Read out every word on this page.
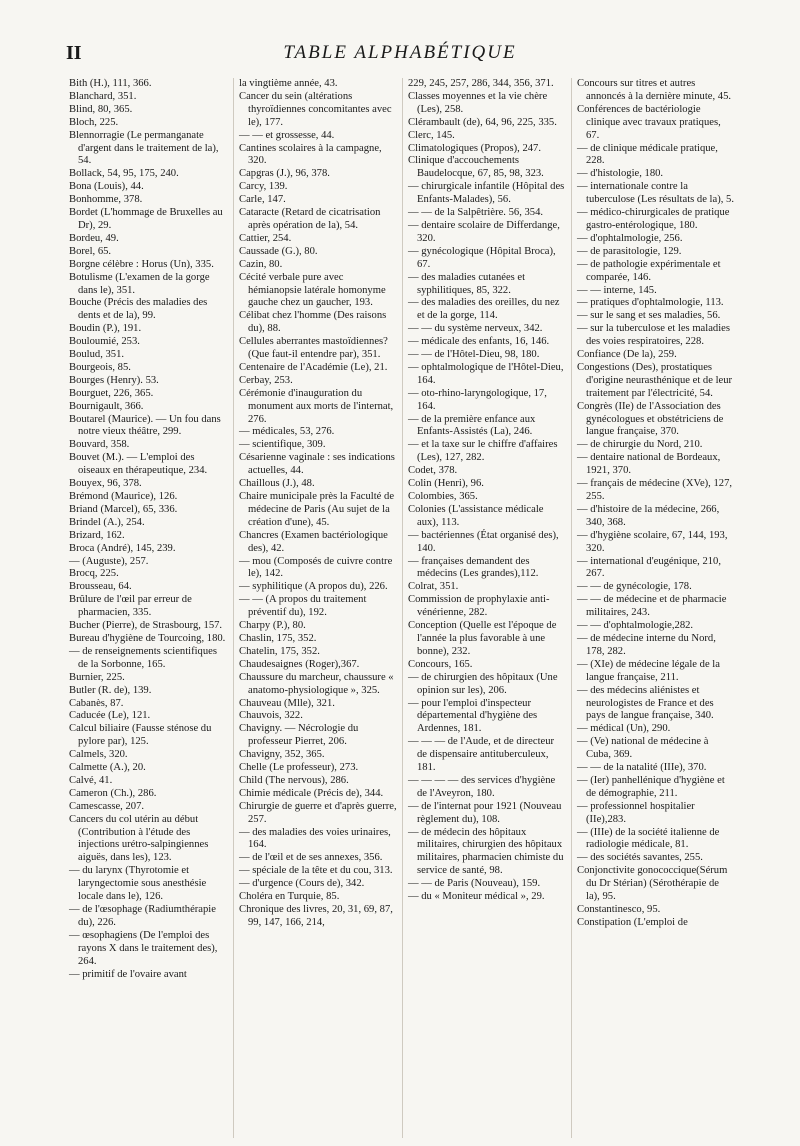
II	TABLE ALPHABÉTIQUE

Bith (H.), 111, 366.

Blanchard, 351.

Blind, 80, 365.

Bloch, 225.

Blennorragie (Le permanganate d'argent dans le traitement de la), 54.

Bollack, 54, 95, 175, 240.

Bona (Louis), 44.

Bonhomme, 378.

Bordet (L'hommage de Bruxelles au Dr), 29.

Bordeu, 49.

Borel, 65.

Borgne célèbre : Horus (Un), 335.

Botulisme (L'examen de la gorge dans le), 351.

Bouche (Précis des maladies des dents et de la), 99.

Boudin (P.), 191.

Bouloumié, 253.

Boulud, 351.

Bourgeois, 85.

Bourges (Henry). 53.

Bourguet, 226, 365.

Bournigault, 366.

Boutarel (Maurice). — Un fou dans notre vieux théâtre, 299.

Bouvard, 358.

Bouvet (M.). — L'emploi des oiseaux en thérapeutique, 234.

Bouyex, 96, 378.

Brémond (Maurice), 126.

Briand (Marcel), 65, 336.

Brindel (A.), 254.

Brizard, 162.

Broca (André), 145, 239.

— (Auguste), 257.

Brocq, 225.

Brousseau, 64.

Brûlure de l'œil par erreur de pharmacien, 335.

Bucher (Pierre), de Strasbourg, 157.

Bureau d'hygiène de Tourcoing, 180.

— de renseignements scientifiques de la Sorbonne, 165.

Burnier, 225.

Butler (R. de), 139.

Cabanès, 87.

Caducée (Le), 121.

Calcul biliaire (Fausse sténose du pylore par), 125.

Calmels, 320.

Calmette (A.), 20.

Calvé, 41.

Cameron (Ch.), 286.

Camescasse, 207.

Cancers du col utérin au début (Contribution à l'étude des injections urétro-salpingiennes aiguës, dans les), 123.

— du larynx (Thyrotomie et laryngectomie sous anesthésie locale dans le), 126.

— de l'œsophage (Radiumthérapie du), 226.

— œsophagiens (De l'emploi des rayons X dans le traitement des), 264.

— primitif de l'ovaire avant

la vingtième année, 43.

Cancer du sein (altérations thyroïdiennes concomitantes avec le), 177.

— — et grossesse, 44.

Cantines scolaires à la campagne, 320.

Capgras (J.), 96, 378.

Carcy, 139.

Carle, 147.

Cataracte (Retard de cicatrisation après opération de la), 54.

Cattier, 254.

Caussade (G.), 80.

Cazin, 80.

Cécité verbale pure avec hémianopsie latérale homonyme gauche chez un gaucher, 193.

Célibat chez l'homme (Des raisons du), 88.

Cellules aberrantes mastoïdiennes? (Que faut-il entendre par), 351.

Centenaire de l'Académie (Le), 21.

Cerbay, 253.

Cérémonie d'inauguration du monument aux morts de l'internat, 276.

— médicales, 53, 276.

— scientifique, 309.

Césarienne vaginale : ses indications actuelles, 44.

Chaillous (J.), 48.

Chaire municipale près la Faculté de médecine de Paris (Au sujet de la création d'une), 45.

Chancres (Examen bactériologique des), 42.

— mou (Composés de cuivre contre le), 142.

— syphilitique (A propos du), 226.

— — (A propos du traitement préventif du), 192.

Charpy (P.), 80.

Chaslin, 175, 352.

Chatelin, 175, 352.

Chaudesaignes (Roger),367.

Chaussure du marcheur, chaussure « anatomo-physiologique », 325.

Chauveau (Mlle), 321.

Chauvois, 322.

Chavigny. — Nécrologie du professeur Pierret, 206.

Chavigny, 352, 365.

Chelle (Le professeur), 273.

Child (The nervous), 286.

Chimie médicale (Précis de), 344.

Chirurgie de guerre et d'après guerre, 257.

— des maladies des voies urinaires, 164.

— de l'œil et de ses annexes, 356.

— spéciale de la tête et du cou, 313.

— d'urgence (Cours de), 342.

Choléra en Turquie, 85.

Chronique des livres, 20, 31, 69, 87, 99, 147, 166, 214,

229, 245, 257, 286, 344, 356, 371.

Classes moyennes et la vie chère (Les), 258.

Clérambault (de), 64, 96, 225, 335.

Clerc, 145.

Climatologiques (Propos), 247.

Clinique d'accouchements Baudelocque, 67, 85, 98, 323.

— chirurgicale infantile (Hôpital des Enfants-Malades), 56.

— — de la Salpêtrière. 56, 354.

— dentaire scolaire de Differdange, 320.

— gynécologique (Hôpital Broca), 67.

— des maladies cutanées et syphilitiques, 85, 322.

— des maladies des oreilles, du nez et de la gorge, 114.

— — du système nerveux, 342.

— médicale des enfants, 16, 146.

— — de l'Hôtel-Dieu, 98, 180.

— ophtalmologique de l'Hôtel-Dieu, 164.

— oto-rhino-laryngologique, 17, 164.

— de la première enfance aux Enfants-Assistés (La), 246.

— et la taxe sur le chiffre d'affaires (Les), 127, 282.

Codet, 378.

Colin (Henri), 96.

Colombies, 365.

Colonies (L'assistance médicale aux), 113.

— bactériennes (État organisé des), 140.

— françaises demandent des médecins (Les grandes),112.

Colrat, 351.

Commission de prophylaxie anti-vénérienne, 282.

Conception (Quelle est l'époque de l'année la plus favorable à une bonne), 232.

Concours, 165.

— de chirurgien des hôpitaux (Une opinion sur les), 206.

— pour l'emploi d'inspecteur départemental d'hygiène des Ardennes, 181.

— — — de l'Aude, et de directeur de dispensaire antituberculeux, 181.

— — — — des services d'hygiène de l'Aveyron, 180.

— de l'internat pour 1921 (Nouveau règlement du), 108.

— de médecin des hôpitaux militaires, chirurgien des hôpitaux militaires, pharmacien chimiste du service de santé, 98.

— — de Paris (Nouveau), 159.

— du « Moniteur médical », 29.

Concours sur titres et autres annoncés à la dernière minute, 45.

Conférences de bactériologie clinique avec travaux pratiques, 67.

— de clinique médicale pratique, 228.

— d'histologie, 180.

— internationale contre la tuberculose (Les résultats de la), 5.

— médico-chirurgicales de pratique gastro-entérologique, 180.

— d'ophtalmologie, 256.

— de parasitologie, 129.

— de pathologie expérimentale et comparée, 146.

— — interne, 145.

— pratiques d'ophtalmologie, 113.

— sur le sang et ses maladies, 56.

— sur la tuberculose et les maladies des voies respiratoires, 228.

Confiance (De la), 259.

Congestions (Des), prostatiques d'origine neurasthénique et de leur traitement par l'électricité, 54.

Congrès (IIe) de l'Association des gynécologues et obstétriciens de langue française, 370.

— de chirurgie du Nord, 210.

— dentaire national de Bordeaux, 1921, 370.

— français de médecine (XVe), 127, 255.

— d'histoire de la médecine, 266, 340, 368.

— d'hygiène scolaire, 67, 144, 193, 320.

— international d'eugénique, 210, 267.

— — de gynécologie, 178.

— — de médecine et de pharmacie militaires, 243.

— — d'ophtalmologie,282.

— de médecine interne du Nord, 178, 282.

— (XIe) de médecine légale de la langue française, 211.

— des médecins aliénistes et neurologistes de France et des pays de langue française, 340.

— médical (Un), 290.

— (Ve) national de médecine à Cuba, 369.

— — de la natalité (IIIe), 370.

— (Ier) panhellénique d'hygiène et de démographie, 211.

— professionnel hospitalier (IIe),283.

— (IIIe) de la société italienne de radiologie médicale, 81.

— des sociétés savantes, 255.

Conjonctivite gonococcique(Sérum du Dr Stérian) (Sérothérapie de la), 95.

Constantinesco, 95.

Constipation (L'emploi de
